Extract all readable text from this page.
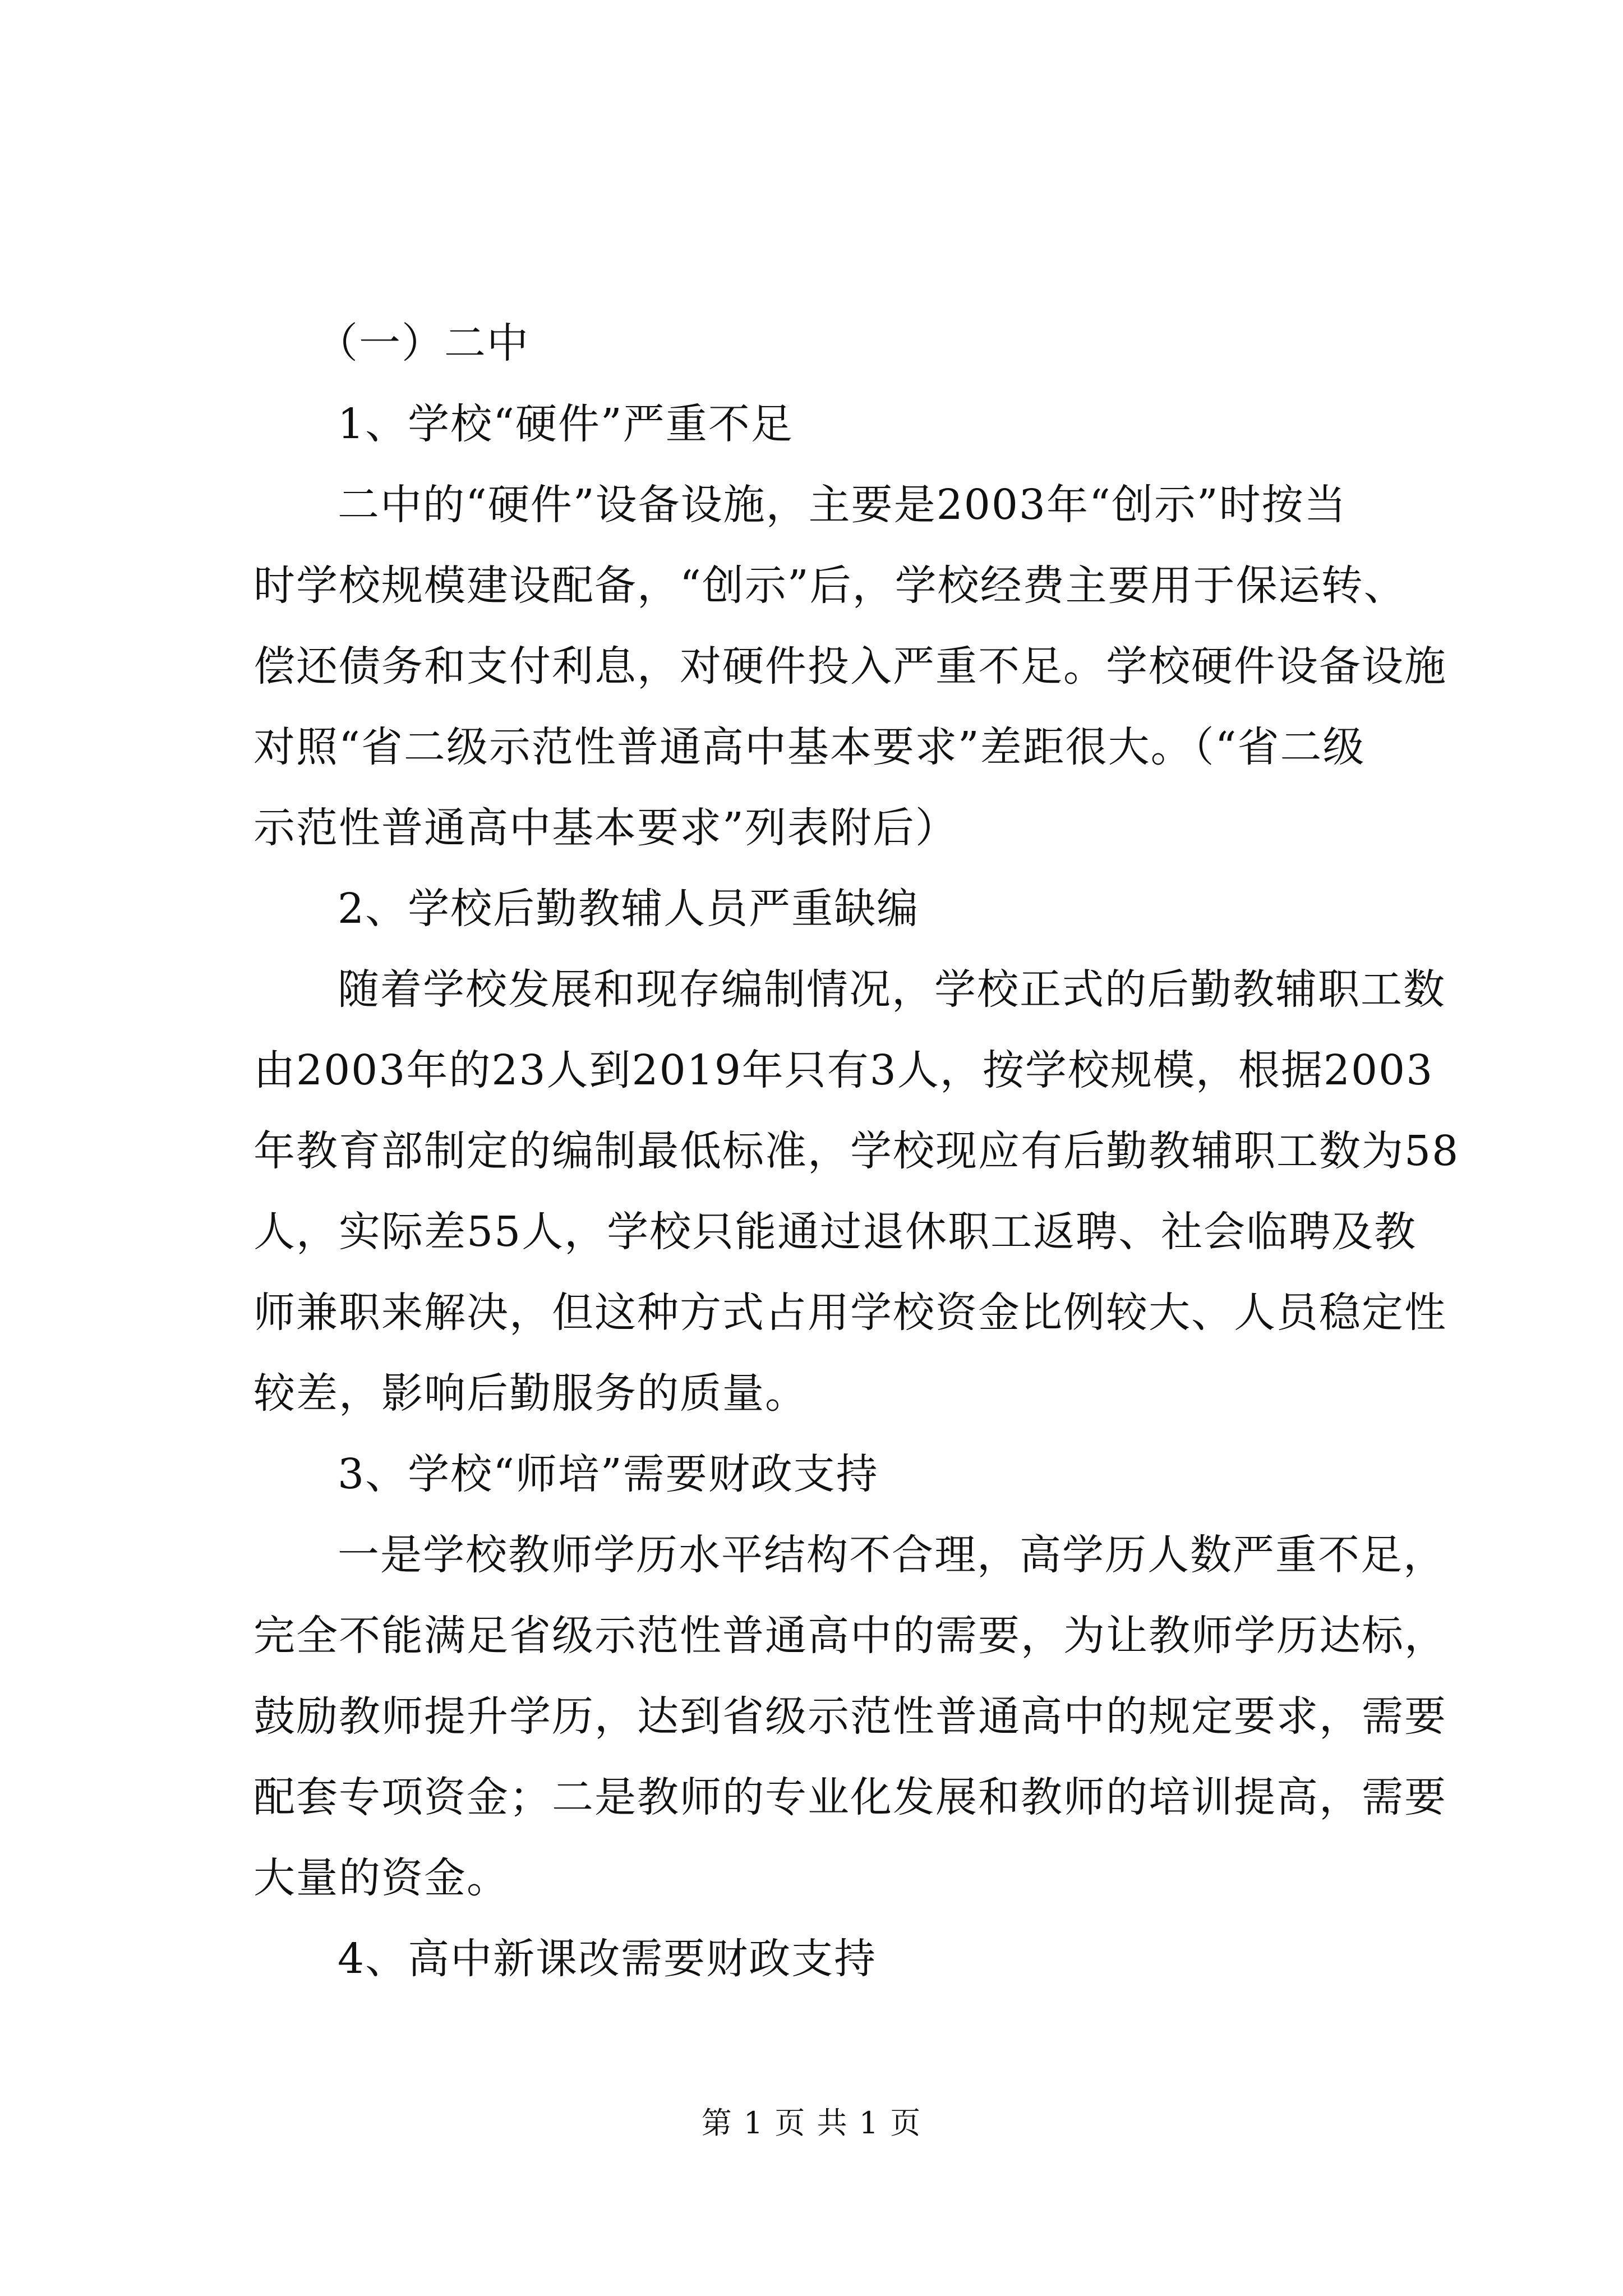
（一）二中
1、学校“硬件”严重不足
二中的“硬件”设备设施，主要是2003年“创示”时按当
时学校规模建设配备，“创示”后，学校经费主要用于保运转、
偿还债务和支付利息，对硬件投入严重不足。学校硬件设备设施
对照“省二级示范性普通高中基本要求”差距很大。（“省二级
示范性普通高中基本要求”列表附后）
2、学校后勤教辅人员严重缺编
随着学校发展和现存编制情况，学校正式的后勤教辅职工数
由2003年的23人到2019年只有3人，按学校规模，根据2003
年教育部制定的编制最低标准，学校现应有后勤教辅职工数为58
人，实际差55人，学校只能通过退休职工返聘、社会临聘及教
师兼职来解决，但这种方式占用学校资金比例较大、人员稳定性
较差，影响后勤服务的质量。
3、学校“师培”需要财政支持
一是学校教师学历水平结构不合理，高学历人数严重不足，
完全不能满足省级示范性普通高中的需要，为让教师学历达标，
鼓励教师提升学历，达到省级示范性普通高中的规定要求，需要
配套专项资金；二是教师的专业化发展和教师的培训提高，需要
大量的资金。
4、高中新课改需要财政支持
第 1 页 共 1 页
